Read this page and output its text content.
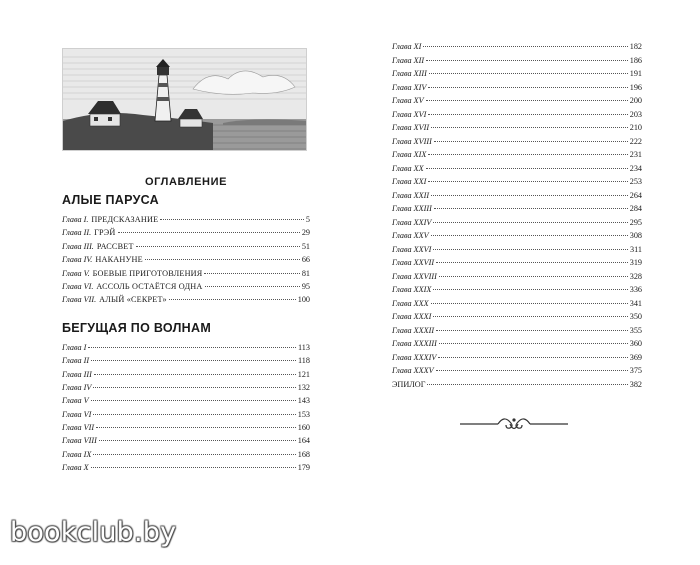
ОГЛАВЛЕНИЕ
АЛЫЕ ПАРУСА
Глава I. ПРЕДСКАЗАНИЕ	5
Глава II. ГРЭЙ	29
Глава III. РАССВЕТ	51
Глава IV. НАКАНУНЕ	66
Глава V. БОЕВЫЕ ПРИГОТОВЛЕНИЯ	81
Глава VI. АССОЛЬ ОСТАЁТСЯ ОДНА	95
Глава VII. АЛЫЙ «СЕКРЕТ»	100
БЕГУЩАЯ ПО ВОЛНАМ
Глава I	113
Глава II	118
Глава III	121
Глава IV	132
Глава V	143
Глава VI	153
Глава VII	160
Глава VIII	164
Глава IX	168
Глава X	179
Глава XI	182
Глава XII	186
Глава XIII	191
Глава XIV	196
Глава XV	200
Глава XVI	203
Глава XVII	210
Глава XVIII	222
Глава XIX	231
Глава XX	234
Глава XXI	253
Глава XXII	264
Глава XXIII	284
Глава XXIV	295
Глава XXV	308
Глава XXVI	311
Глава XXVII	319
Глава XXVIII	328
Глава XXIX	336
Глава XXX	341
Глава XXXI	350
Глава XXXII	355
Глава XXXIII	360
Глава XXXIV	369
Глава XXXV	375
ЭПИЛОГ	382
bookclub.by
